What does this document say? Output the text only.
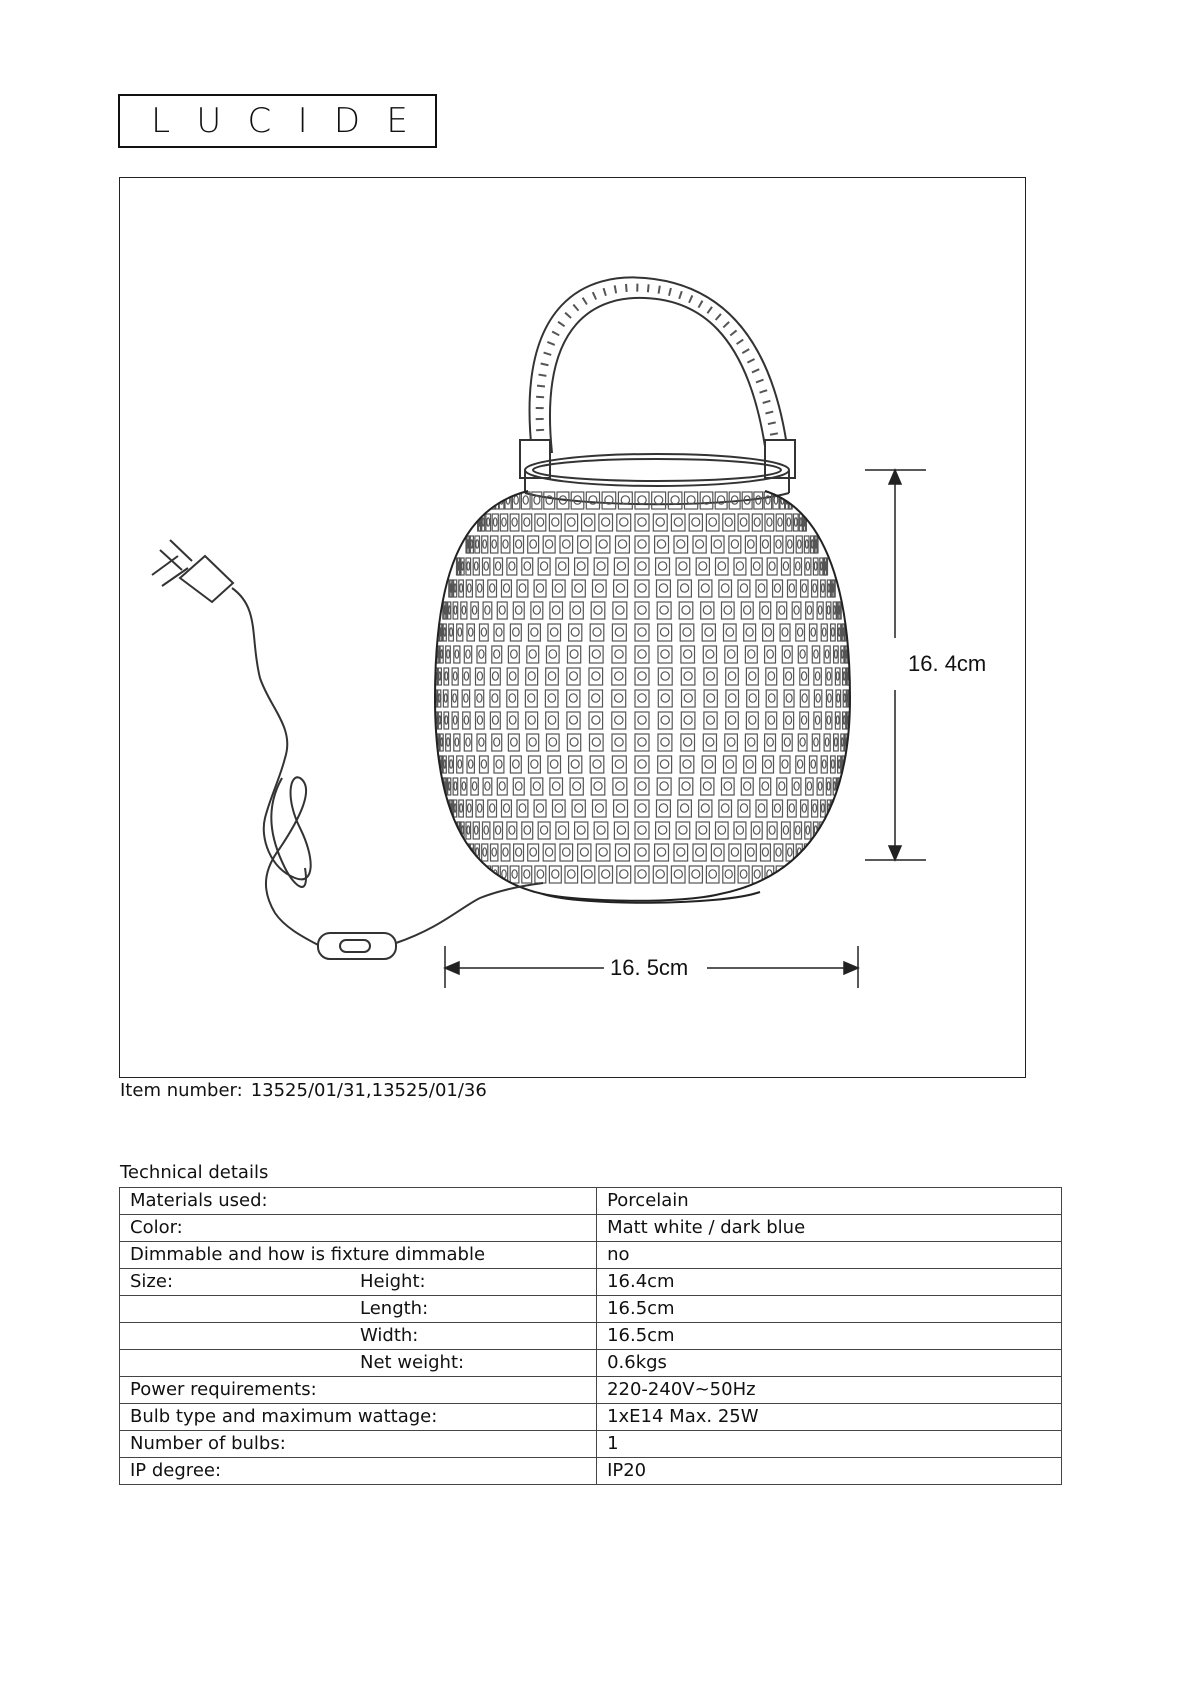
L U C I D E
16. 4cm
16. 5cm
Item number: 13525/01/31,13525/01/36
Technical details
Materials used:	Porcelain
Color:	Matt white / dark blue
Dimmable and how is fixture dimmable	no
Size: Height:	16.4cm

Length:	16.5cm

Width:	16.5cm

Net weight:	0.6kgs
Power requirements:	220-240V~50Hz
Bulb type and maximum wattage:	1xE14 Max. 25W
Number of bulbs:	1
IP degree:	IP20
